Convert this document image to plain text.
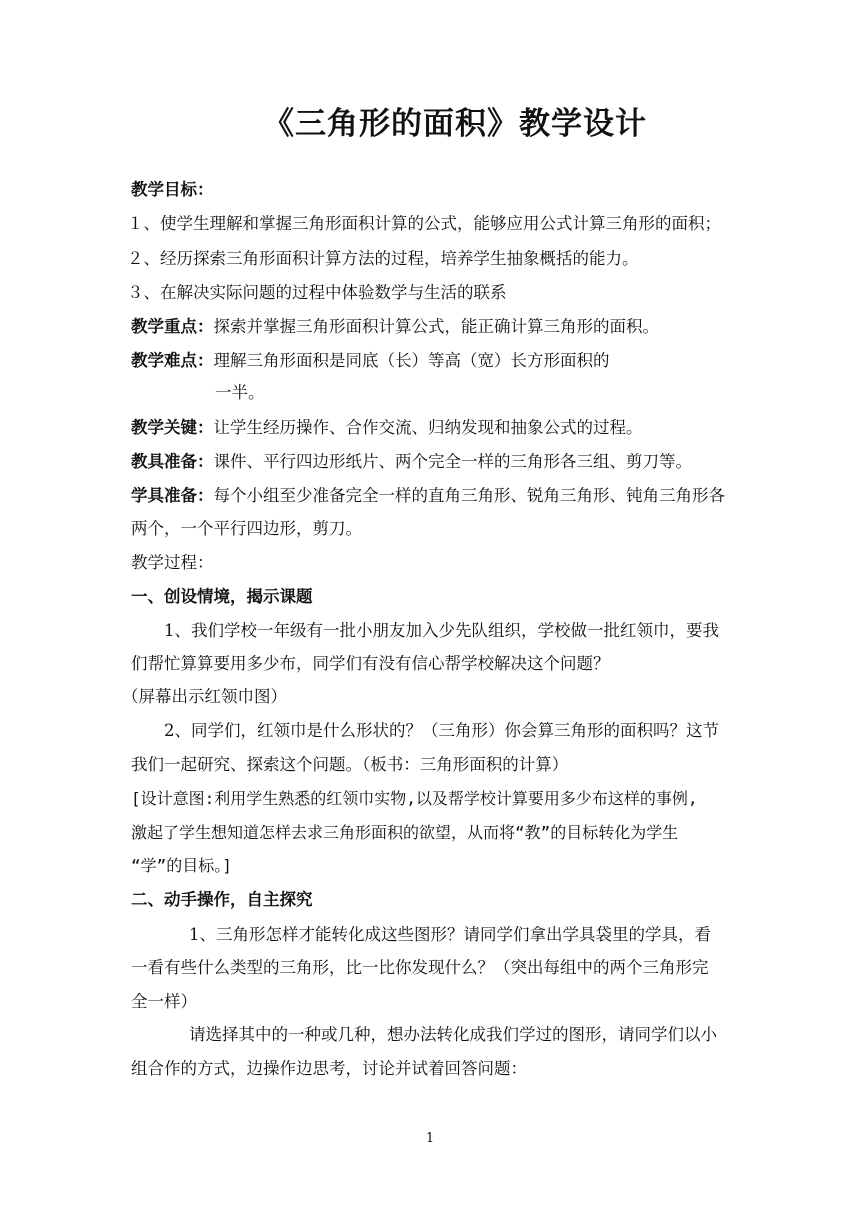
《三角形的面积》教学设计
教学目标：
１、使学生理解和掌握三角形面积计算的公式，能够应用公式计算三角形的面积；
２、经历探索三角形面积计算方法的过程，培养学生抽象概括的能力。
３、在解决实际问题的过程中体验数学与生活的联系
教学重点：探索并掌握三角形面积计算公式，能正确计算三角形的面积。
教学难点：理解三角形面积是同底（长）等高（宽）长方形面积的
一半。
教学关键：让学生经历操作、合作交流、归纳发现和抽象公式的过程。
教具准备：课件、平行四边形纸片、两个完全一样的三角形各三组、剪刀等。
学具准备：每个小组至少准备完全一样的直角三角形、锐角三角形、钝角三角形各
两个，一个平行四边形，剪刀。
教学过程：
一、创设情境，揭示课题
1、我们学校一年级有一批小朋友加入少先队组织，学校做一批红领巾，要我
们帮忙算算要用多少布，同学们有没有信心帮学校解决这个问题？
（屏幕出示红领巾图）
2、同学们，红领巾是什么形状的？（三角形）你会算三角形的面积吗？这节
我们一起研究、探索这个问题。（板书：三角形面积的计算）
[设计意图:利用学生熟悉的红领巾实物,以及帮学校计算要用多少布这样的事例,
激起了学生想知道怎样去求三角形面积的欲望，从而将“教”的目标转化为学生
“学”的目标。]
二、动手操作，自主探究
1、三角形怎样才能转化成这些图形？请同学们拿出学具袋里的学具，看
一看有些什么类型的三角形，比一比你发现什么？（突出每组中的两个三角形完
全一样）
请选择其中的一种或几种，想办法转化成我们学过的图形，请同学们以小
组合作的方式，边操作边思考，讨论并试着回答问题：
1
